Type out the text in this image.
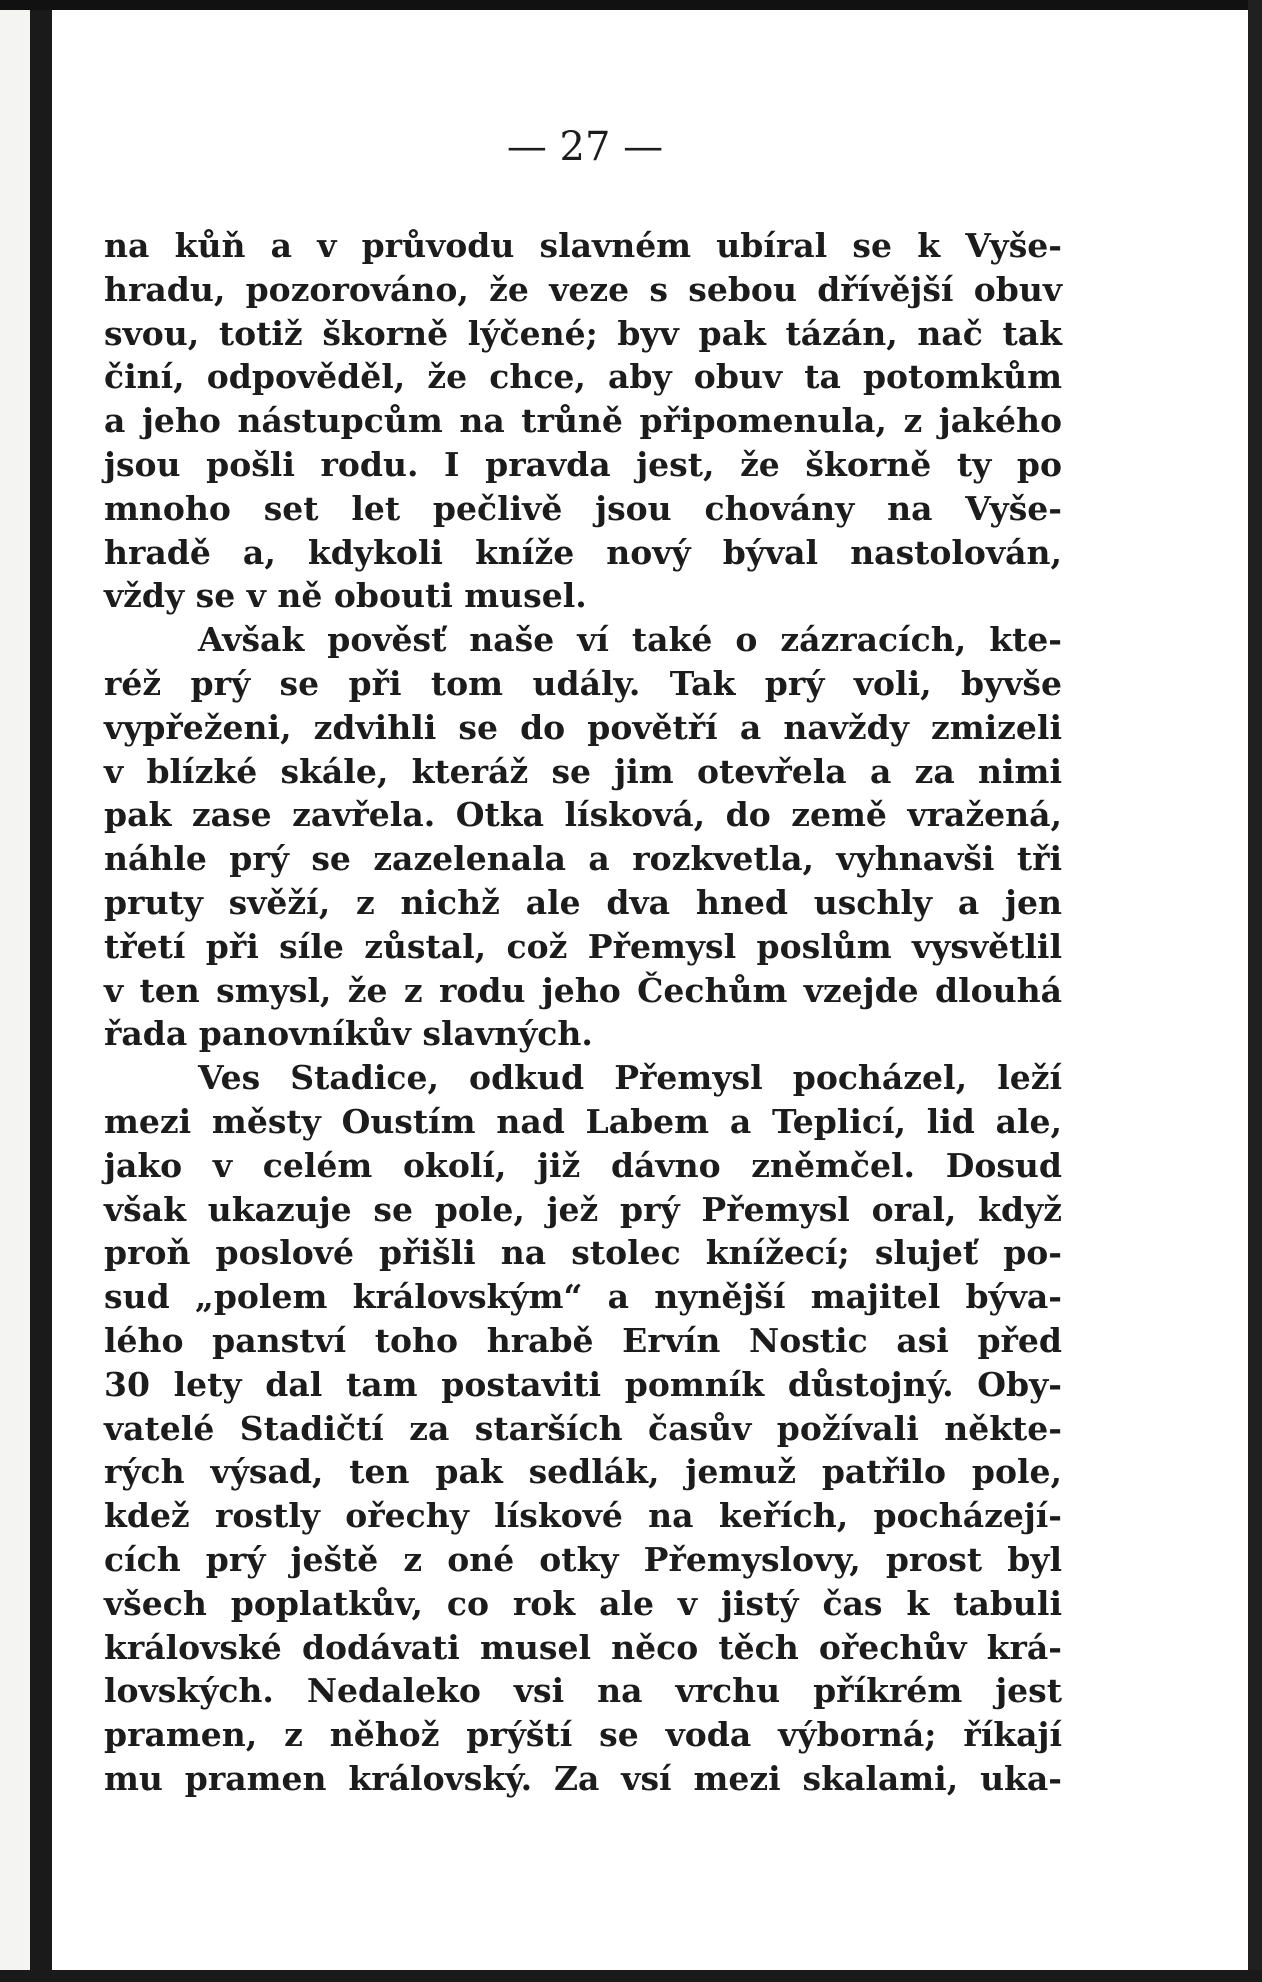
— 27 —
na kůň a v průvodu slavném ubíral se k Vyše-
hradu, pozorováno, že veze s sebou dřívější obuv
svou, totiž škorně lýčené; byv pak tázán, nač tak
činí, odpověděl, že chce, aby obuv ta potomkům
a jeho nástupcům na trůně připomenula, z jakého
jsou pošli rodu. I pravda jest, že škorně ty po
mnoho set let pečlivě jsou chovány na Vyše-
hradě a, kdykoli kníže nový býval nastolován,
vždy se v ně obouti musel.
Avšak pověsť naše ví také o zázracích, kte-
réž prý se při tom udály. Tak prý voli, byvše
vypřeženi, zdvihli se do povětří a navždy zmizeli
v blízké skále, kteráž se jim otevřela a za nimi
pak zase zavřela. Otka lísková, do země vražená,
náhle prý se zazelenala a rozkvetla, vyhnavši tři
pruty svěží, z nichž ale dva hned uschly a jen
třetí při síle zůstal, což Přemysl poslům vysvětlil
v ten smysl, že z rodu jeho Čechům vzejde dlouhá
řada panovníkův slavných.
Ves Stadice, odkud Přemysl pocházel, leží
mezi městy Oustím nad Labem a Teplicí, lid ale,
jako v celém okolí, již dávno zněmčel. Dosud
však ukazuje se pole, jež prý Přemysl oral, když
proň poslové přišli na stolec knížecí; slujeť po-
sud „polem královským“ a nynější majitel býva-
lého panství toho hrabě Ervín Nostic asi před
30 lety dal tam postaviti pomník důstojný. Oby-
vatelé Stadičtí za starších časův požívali někte-
rých výsad, ten pak sedlák, jemuž patřilo pole,
kdež rostly ořechy lískové na keřích, pocházejí-
cích prý ještě z oné otky Přemyslovy, prost byl
všech poplatkův, co rok ale v jistý čas k tabuli
královské dodávati musel něco těch ořechův krá-
lovských. Nedaleko vsi na vrchu příkrém jest
pramen, z něhož prýští se voda výborná; říkají
mu pramen královský. Za vsí mezi skalami, uka-
